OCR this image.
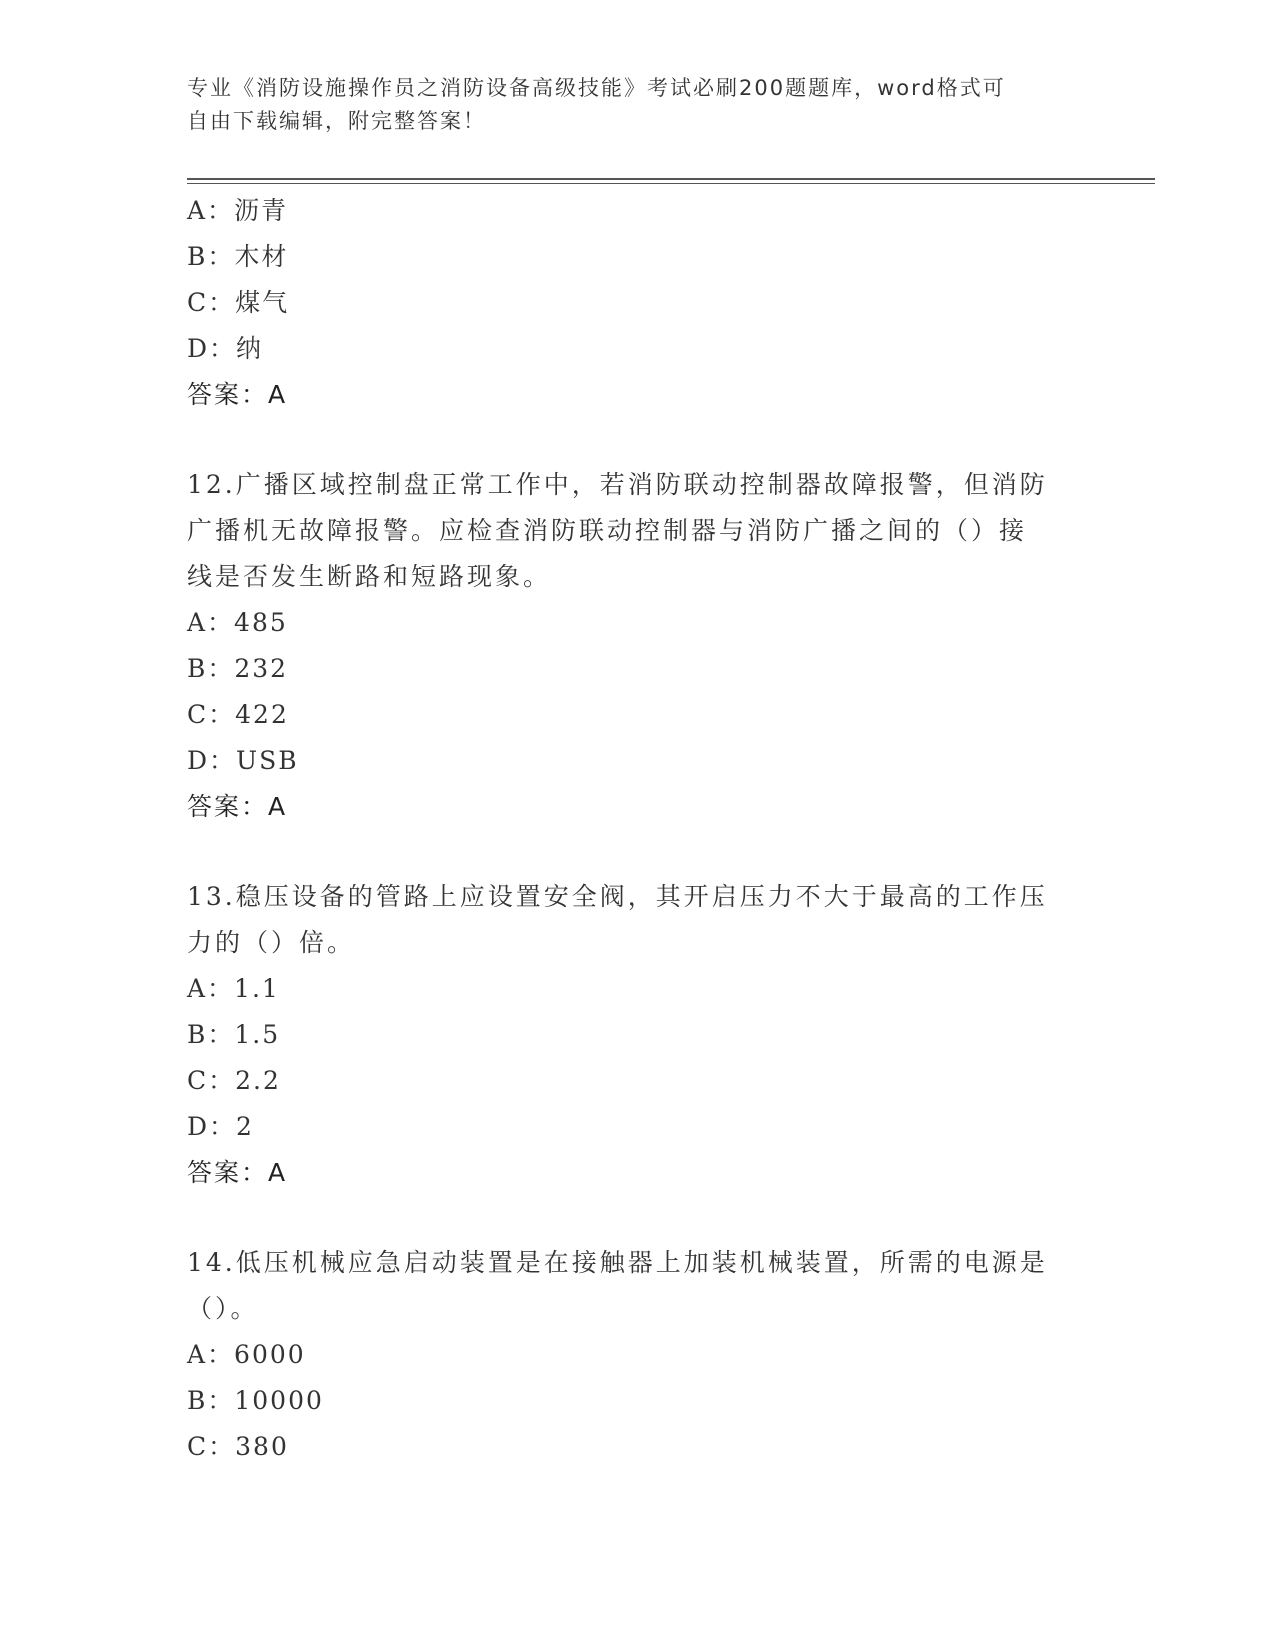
专业《消防设施操作员之消防设备高级技能》考试必刷200题题库，word格式可
自由下载编辑，附完整答案！
A：沥青
B：木材
C：煤气
D：纳
答案：A
12.广播区域控制盘正常工作中，若消防联动控制器故障报警，但消防
广播机无故障报警。应检查消防联动控制器与消防广播之间的（）接
线是否发生断路和短路现象。
A：485
B：232
C：422
D：USB
答案：A
13.稳压设备的管路上应设置安全阀，其开启压力不大于最高的工作压
力的（）倍。
A：1.1
B：1.5
C：2.2
D：2
答案：A
14.低压机械应急启动装置是在接触器上加装机械装置，所需的电源是
（）。
A：6000
B：10000
C：380
